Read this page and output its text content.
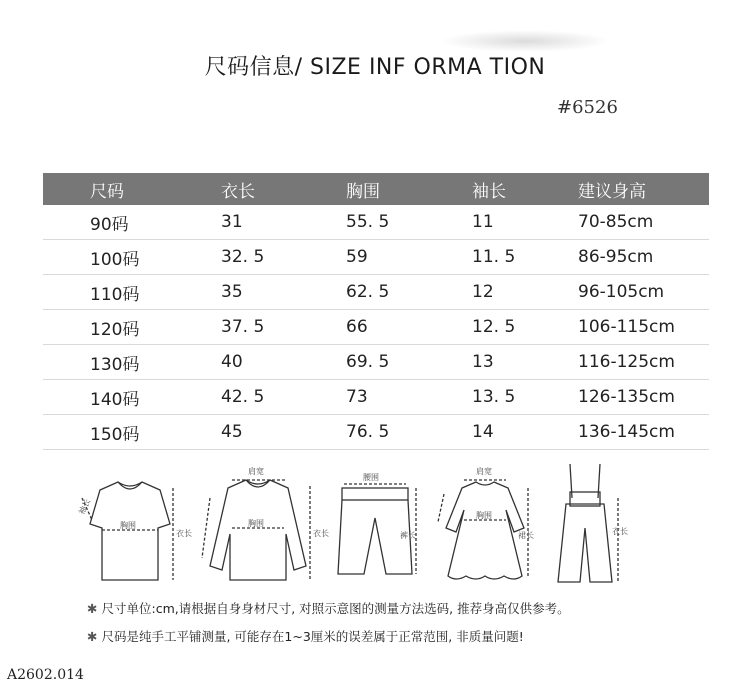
尺码信息/ SIZE INF ORMA TION
#6526
尺码	衣长	胸围	袖长	建议身高
90码	31	55. 5	11	70-85cm
100码	32. 5	59	11. 5	86-95cm
110码	35	62. 5	12	96-105cm
120码	37. 5	66	12. 5	106-115cm
130码	40	69. 5	13	116-125cm
140码	42. 5	73	13. 5	126-135cm
150码	45	76. 5	14	136-145cm
胸围
衣长
袖长
肩宽
胸围
衣长
腰围
裤长
肩宽
胸围
裙长	衣长
✱ 尺寸单位:cm,请根据自身身材尺寸, 对照示意图的测量方法选码, 推荐身高仅供参考。
✱ 尺码是纯手工平铺测量, 可能存在1~3厘米的误差属于正常范围, 非质量问题!
A2602.014
